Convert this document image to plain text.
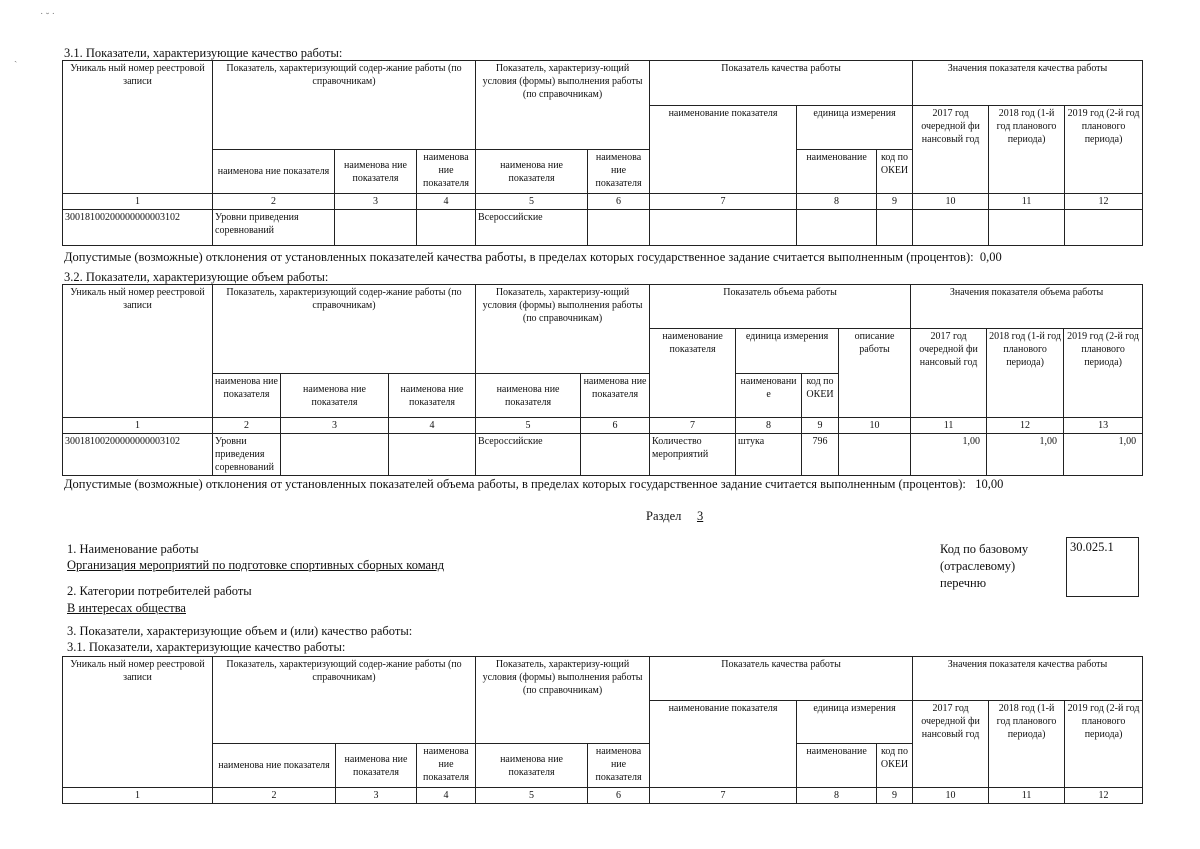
˙ ˘ ˙
ˎ	3.1. Показатели, характеризующие качество работы:
Уникаль ный номер реестровой записи	Показатель, характеризующий содер-жание работы (по справочникам)			Показатель, характеризу-ющий условия (формы) выполнения работы (по справочникам)		Показатель качества работы			Значения показателя качества работы		
						наименование показателя	единица измерения		2017 год очередной фи нансовый год	2018 год (1-й год планового периода)	2019 год (2-й год планового периода)
	наименова ние показателя	наименова ние показателя	наименова ние показателя	наименова ние показателя	наименова ние показателя		наименование	код по ОКЕИ			
1	2	3	4	5	6	7	8	9	10	11	12
30018100200000000003102	Уровни приведения соревнований			Всероссийские							
Допустимые (возможные) отклонения от установленных показателей качества работы, в пределах которых государственное задание считается выполненным (процентов): 0,00
3.2. Показатели, характеризующие объем работы:
Уникаль ный номер реестровой записи	Показатель, характеризующий содер-жание работы (по справочникам)			Показатель, характеризу-ющий условия (формы) выполнения работы (по справочникам)		Показатель объема работы				Значения показателя объема работы		
						наименование показателя	единица измерения		описание работы	2017 год очередной фи нансовый год	2018 год (1-й год планового периода)	2019 год (2-й год планового периода)
	наименова ние показателя	наименова ние показателя	наименова ние показателя	наименова ние показателя	наименова ние показателя		наименовани е	код по ОКЕИ				
1	2	3	4	5	6	7	8	9	10	11	12	13
30018100200000000003102	Уровни приведения соревнований			Всероссийские		Количество мероприятий	штука	796		1,00	1,00	1,00
Допустимые (возможные) отклонения от установленных показателей объема работы, в пределах которых государственное задание считается выполненным (процентов): 10,00
Раздел 3
1. Наименование работы
Организация мероприятий по подготовке спортивных сборных команд
2. Категории потребителей работы
В интересах общества
3. Показатели, характеризующие объем и (или) качество работы:
3.1. Показатели, характеризующие качество работы:
Код по базовому
(отраслевому)
перечню
30.025.1
Уникаль ный номер реестровой записи	Показатель, характеризующий содер-жание работы (по справочникам)			Показатель, характеризу-ющий условия (формы) выполнения работы (по справочникам)		Показатель качества работы			Значения показателя качества работы		
						наименование показателя	единица измерения		2017 год очередной фи нансовый год	2018 год (1-й год планового периода)	2019 год (2-й год планового периода)
	наименова ние показателя	наименова ние показателя	наименова ние показателя	наименова ние показателя	наименова ние показателя		наименование	код по ОКЕИ			
1	2	3	4	5	6	7	8	9	10	11	12
